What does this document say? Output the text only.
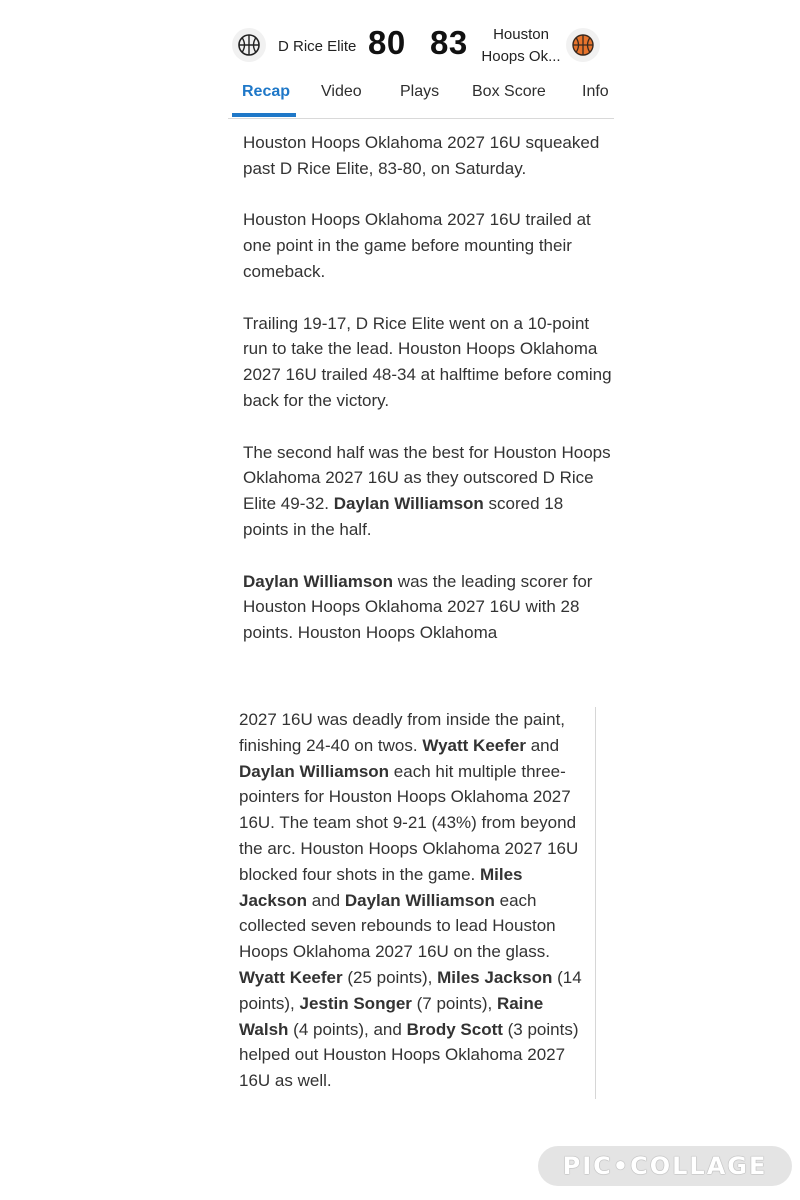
D Rice Elite 80 83	Houston
Hoops Ok...
Recap Video Plays Box Score Info

Houston Hoops Oklahoma 2027 16U squeaked past D Rice Elite, 83-80, on Saturday.

Houston Hoops Oklahoma 2027 16U trailed at one point in the game before mounting their comeback.

Trailing 19-17, D Rice Elite went on a 10-point run to take the lead. Houston Hoops Oklahoma 2027 16U trailed 48-34 at halftime before coming back for the victory.

The second half was the best for Houston Hoops Oklahoma 2027 16U as they outscored D Rice Elite 49-32. Daylan Williamson scored 18 points in the half.

Daylan Williamson was the leading scorer for Houston Hoops Oklahoma 2027 16U with 28 points. Houston Hoops Oklahoma

2027 16U was deadly from inside the paint, finishing 24-40 on twos. Wyatt Keefer and Daylan Williamson each hit multiple three-pointers for Houston Hoops Oklahoma 2027 16U. The team shot 9-21 (43%) from beyond the arc. Houston Hoops Oklahoma 2027 16U blocked four shots in the game. Miles Jackson and Daylan Williamson each collected seven rebounds to lead Houston Hoops Oklahoma 2027 16U on the glass. Wyatt Keefer (25 points), Miles Jackson (14 points), Jestin Songer (7 points), Raine Walsh (4 points), and Brody Scott (3 points) helped out Houston Hoops Oklahoma 2027 16U as well.

PIC•COLLAGE
